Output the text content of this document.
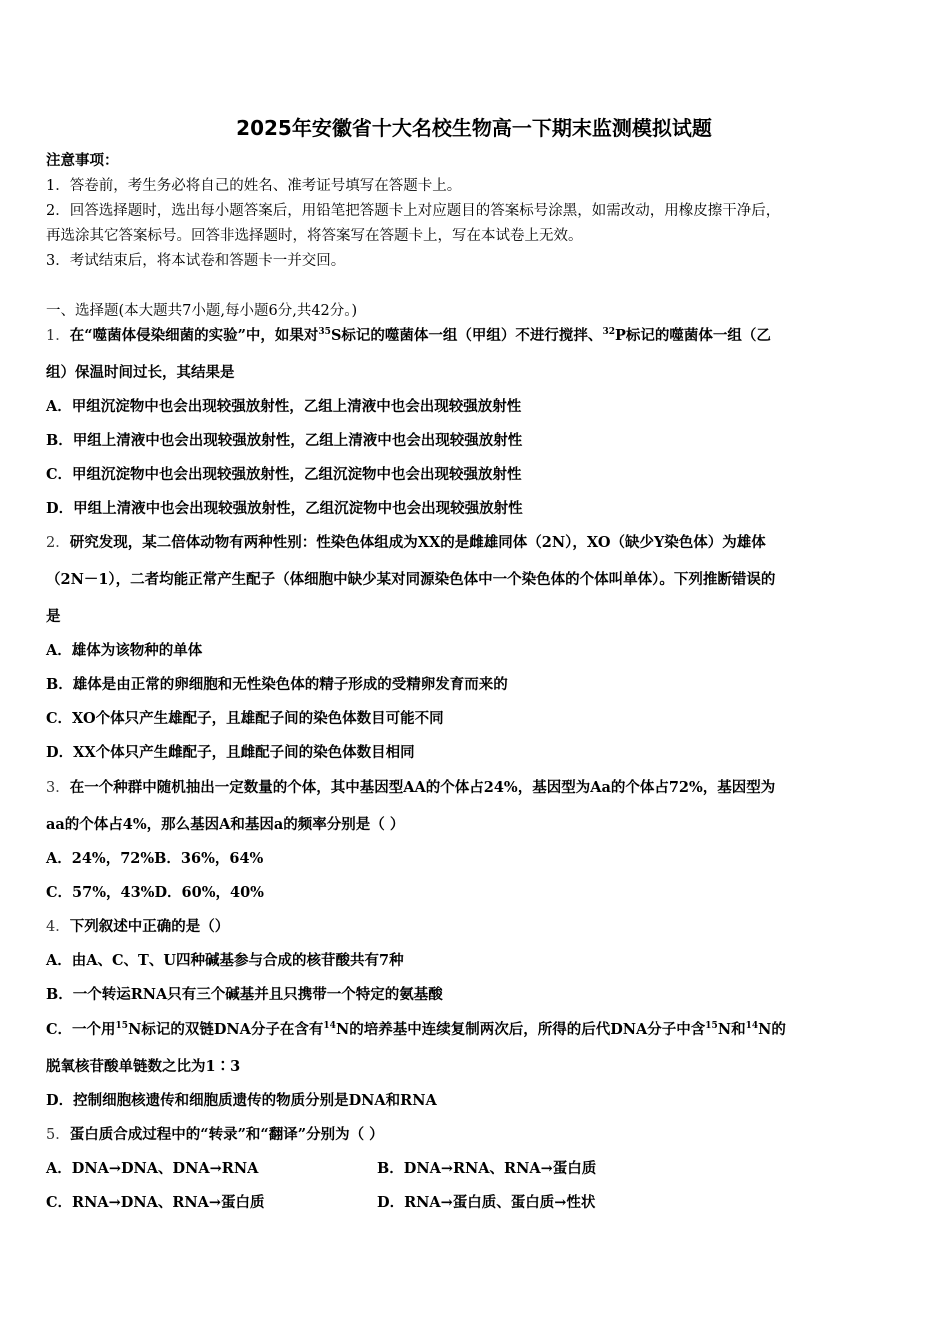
2025年安徽省十大名校生物高一下期末监测模拟试题
注意事项：
1．答卷前，考生务必将自己的姓名、准考证号填写在答题卡上。
2．回答选择题时，选出每小题答案后，用铅笔把答题卡上对应题目的答案标号涂黑，如需改动，用橡皮擦干净后，
再选涂其它答案标号。回答非选择题时，将答案写在答题卡上，写在本试卷上无效。
3．考试结束后，将本试卷和答题卡一并交回。
一、选择题(本大题共7小题,每小题6分,共42分。)
1．在“噬菌体侵染细菌的实验”中，如果对$^{35}$S标记的噬菌体一组（甲组）不进行搅拌、$^{32}$P标记的噬菌体一组（乙
组）保温时间过长，其结果是
A．甲组沉淀物中也会出现较强放射性，乙组上清液中也会出现较强放射性
B．甲组上清液中也会出现较强放射性，乙组上清液中也会出现较强放射性
C．甲组沉淀物中也会出现较强放射性，乙组沉淀物中也会出现较强放射性
D．甲组上清液中也会出现较强放射性，乙组沉淀物中也会出现较强放射性
2．研究发现，某二倍体动物有两种性别：性染色体组成为XX的是雌雄同体（2N），XO（缺少Y染色体）为雄体
（2N－1），二者均能正常产生配子（体细胞中缺少某对同源染色体中一个染色体的个体叫单体）。下列推断错误的
是
A．雄体为该物种的单体
B．雄体是由正常的卵细胞和无性染色体的精子形成的受精卵发育而来的
C．XO个体只产生雄配子，且雄配子间的染色体数目可能不同
D．XX个体只产生雌配子，且雌配子间的染色体数目相同
3．在一个种群中随机抽出一定数量的个体，其中基因型AA的个体占24%，基因型为Aa的个体占72%，基因型为
aa的个体占4%，那么基因A和基因a的频率分别是（ ）
A．24%，72%B．36%，64%
C．57%，43%D．60%，40%
4．下列叙述中正确的是（）
A．由A、C、T、U四种碱基参与合成的核苷酸共有7种
B．一个转运RNA只有三个碱基并且只携带一个特定的氨基酸
C．一个用$^{15}$N标记的双链DNA分子在含有$^{14}$N的培养基中连续复制两次后，所得的后代DNA分子中含$^{15}$N和$^{14}$N的
脱氧核苷酸单链数之比为1∶3
D．控制细胞核遗传和细胞质遗传的物质分别是DNA和RNA
5．蛋白质合成过程中的“转录”和“翻译”分别为（ ）
A．DNA→DNA、DNA→RNA	B．DNA→RNA、RNA→蛋白质
C．RNA→DNA、RNA→蛋白质	D．RNA→蛋白质、蛋白质→性状
